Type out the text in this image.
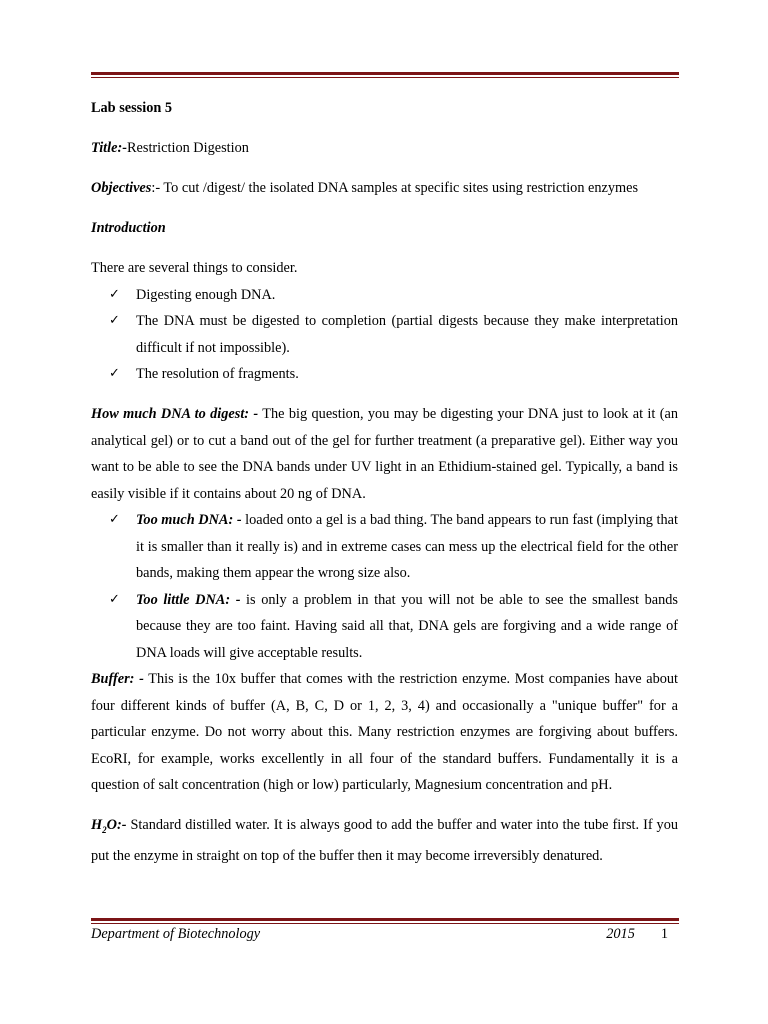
Lab session 5

Title:-Restriction Digestion

Objectives:- To cut /digest/ the isolated DNA samples at specific sites using restriction enzymes

Introduction

There are several things to consider.

✓ Digesting enough DNA.
✓ The DNA must be digested to completion (partial digests because they make interpretation difficult if not impossible).
✓ The resolution of fragments.

How much DNA to digest: - The big question, you may be digesting your DNA just to look at it (an analytical gel) or to cut a band out of the gel for further treatment (a preparative gel). Either way you want to be able to see the DNA bands under UV light in an Ethidium-stained gel. Typically, a band is easily visible if it contains about 20 ng of DNA.

✓ Too much DNA: - loaded onto a gel is a bad thing. The band appears to run fast (implying that it is smaller than it really is) and in extreme cases can mess up the electrical field for the other bands, making them appear the wrong size also.
✓ Too little DNA: - is only a problem in that you will not be able to see the smallest bands because they are too faint. Having said all that, DNA gels are forgiving and a wide range of DNA loads will give acceptable results.

Buffer: - This is the 10x buffer that comes with the restriction enzyme. Most companies have about four different kinds of buffer (A, B, C, D or 1, 2, 3, 4) and occasionally a "unique buffer" for a particular enzyme. Do not worry about this. Many restriction enzymes are forgiving about buffers. EcoRI, for example, works excellently in all four of the standard buffers. Fundamentally it is a question of salt concentration (high or low) particularly, Magnesium concentration and pH.

$H_2O:-$ Standard distilled water. It is always good to add the buffer and water into the tube first. If you put the enzyme in straight on top of the buffer then it may become irreversibly denatured.

Department of Biotechnology	2015 1
